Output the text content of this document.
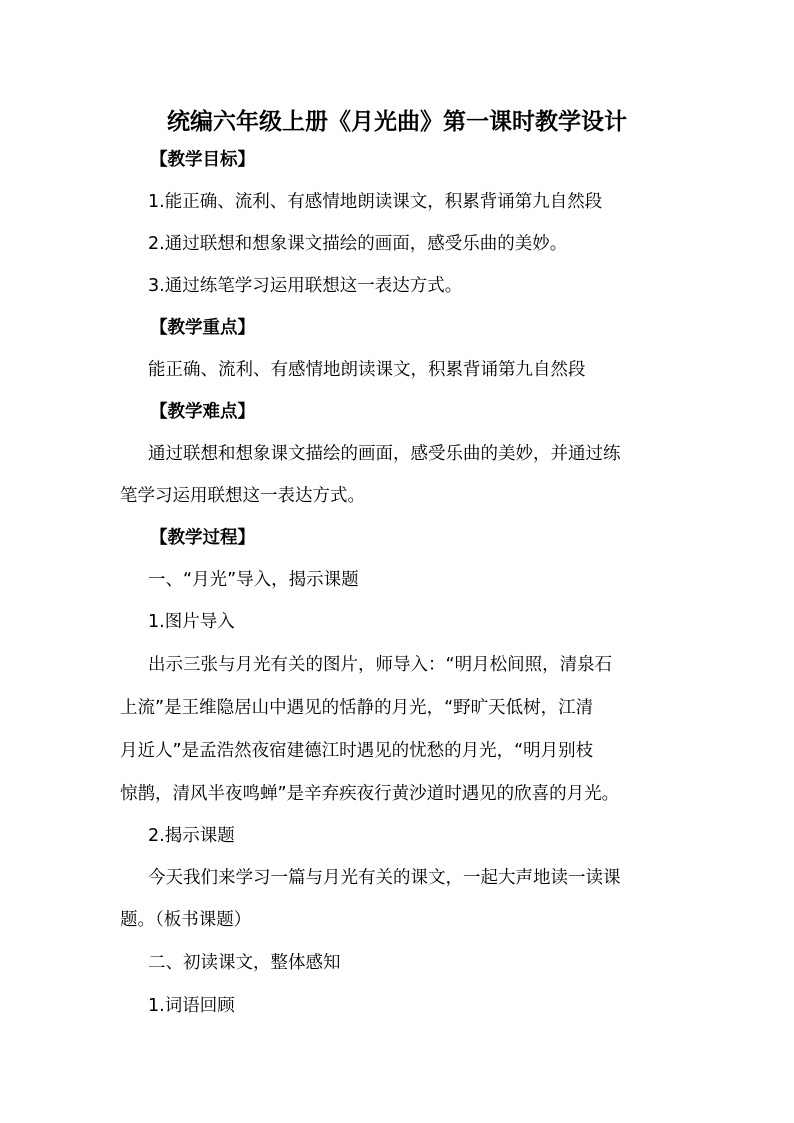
统编六年级上册《月光曲》第一课时教学设计
【教学目标】
1.能正确、流利、有感情地朗读课文，积累背诵第九自然段
2.通过联想和想象课文描绘的画面，感受乐曲的美妙。
3.通过练笔学习运用联想这一表达方式。
【教学重点】
能正确、流利、有感情地朗读课文，积累背诵第九自然段
【教学难点】
通过联想和想象课文描绘的画面，感受乐曲的美妙，并通过练
笔学习运用联想这一表达方式。
【教学过程】
一、“月光”导入，揭示课题
1.图片导入
出示三张与月光有关的图片，师导入：“明月松间照，清泉石
上流”是王维隐居山中遇见的恬静的月光，“野旷天低树，江清
月近人”是孟浩然夜宿建德江时遇见的忧愁的月光，“明月别枝
惊鹊，清风半夜鸣蝉”是辛弃疾夜行黄沙道时遇见的欣喜的月光。
2.揭示课题
今天我们来学习一篇与月光有关的课文，一起大声地读一读课
题。（板书课题）
二、初读课文，整体感知
1.词语回顾
